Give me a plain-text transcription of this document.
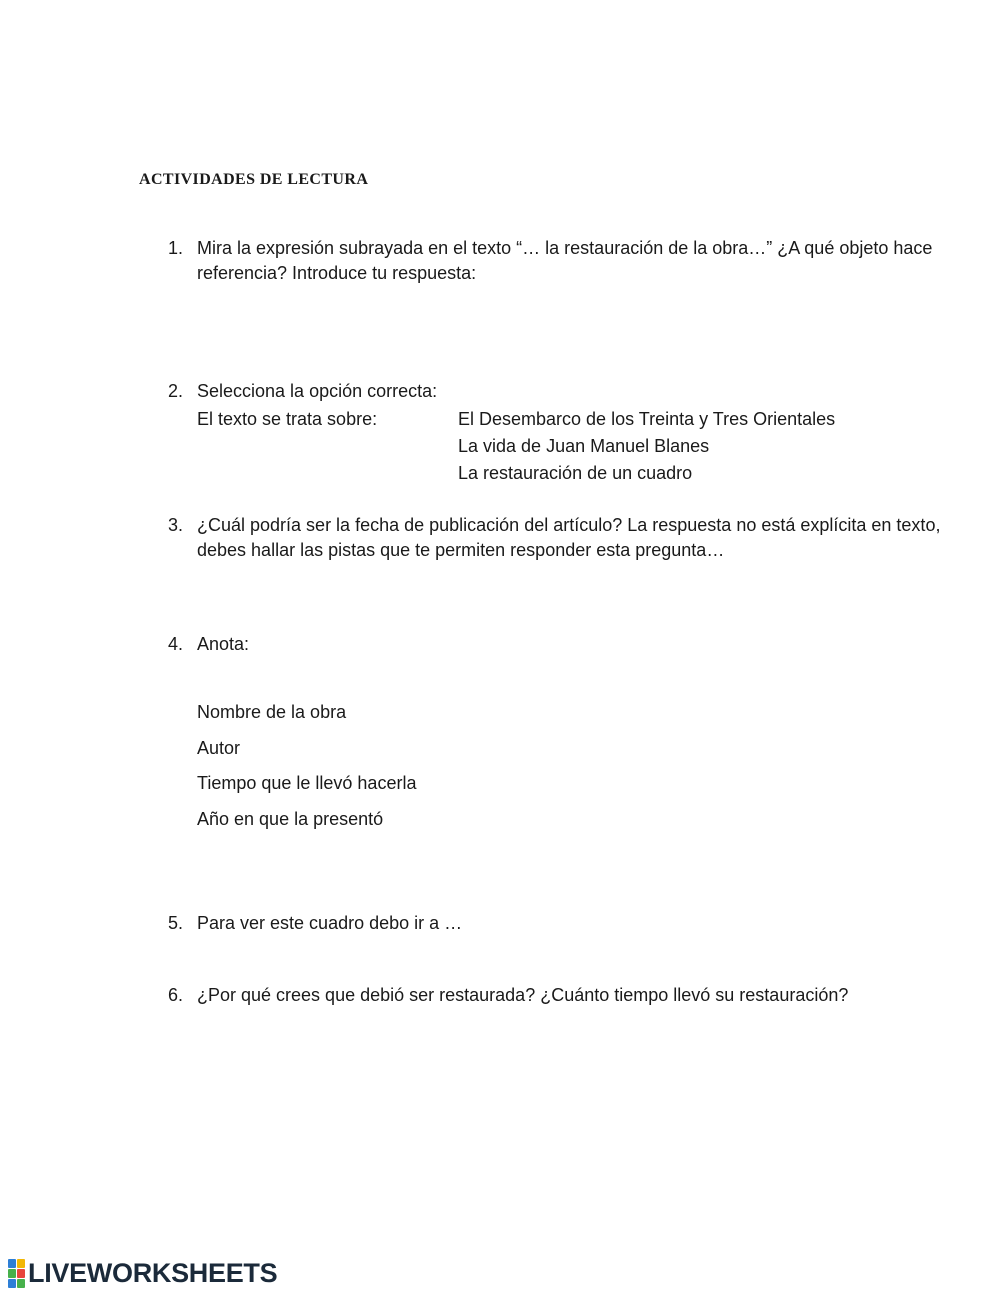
ACTIVIDADES DE LECTURA
1. Mira la expresión subrayada en el texto “… la restauración de la obra…” ¿A qué objeto hace
referencia? Introduce tu respuesta:
2. Selecciona la opción correcta:
El texto se trata sobre:	El Desembarco de los Treinta y Tres Orientales
La vida de Juan Manuel Blanes
La restauración de un cuadro
3. ¿Cuál podría ser la fecha de publicación del artículo? La respuesta no está explícita en texto,
debes hallar las pistas que te permiten responder esta pregunta…
4. Anota:
Nombre de la obra
Autor
Tiempo que le llevó hacerla
Año en que la presentó
5. Para ver este cuadro debo ir a …
6. ¿Por qué crees que debió ser restaurada? ¿Cuánto tiempo llevó su restauración?
LIVEWORKSHEETS
